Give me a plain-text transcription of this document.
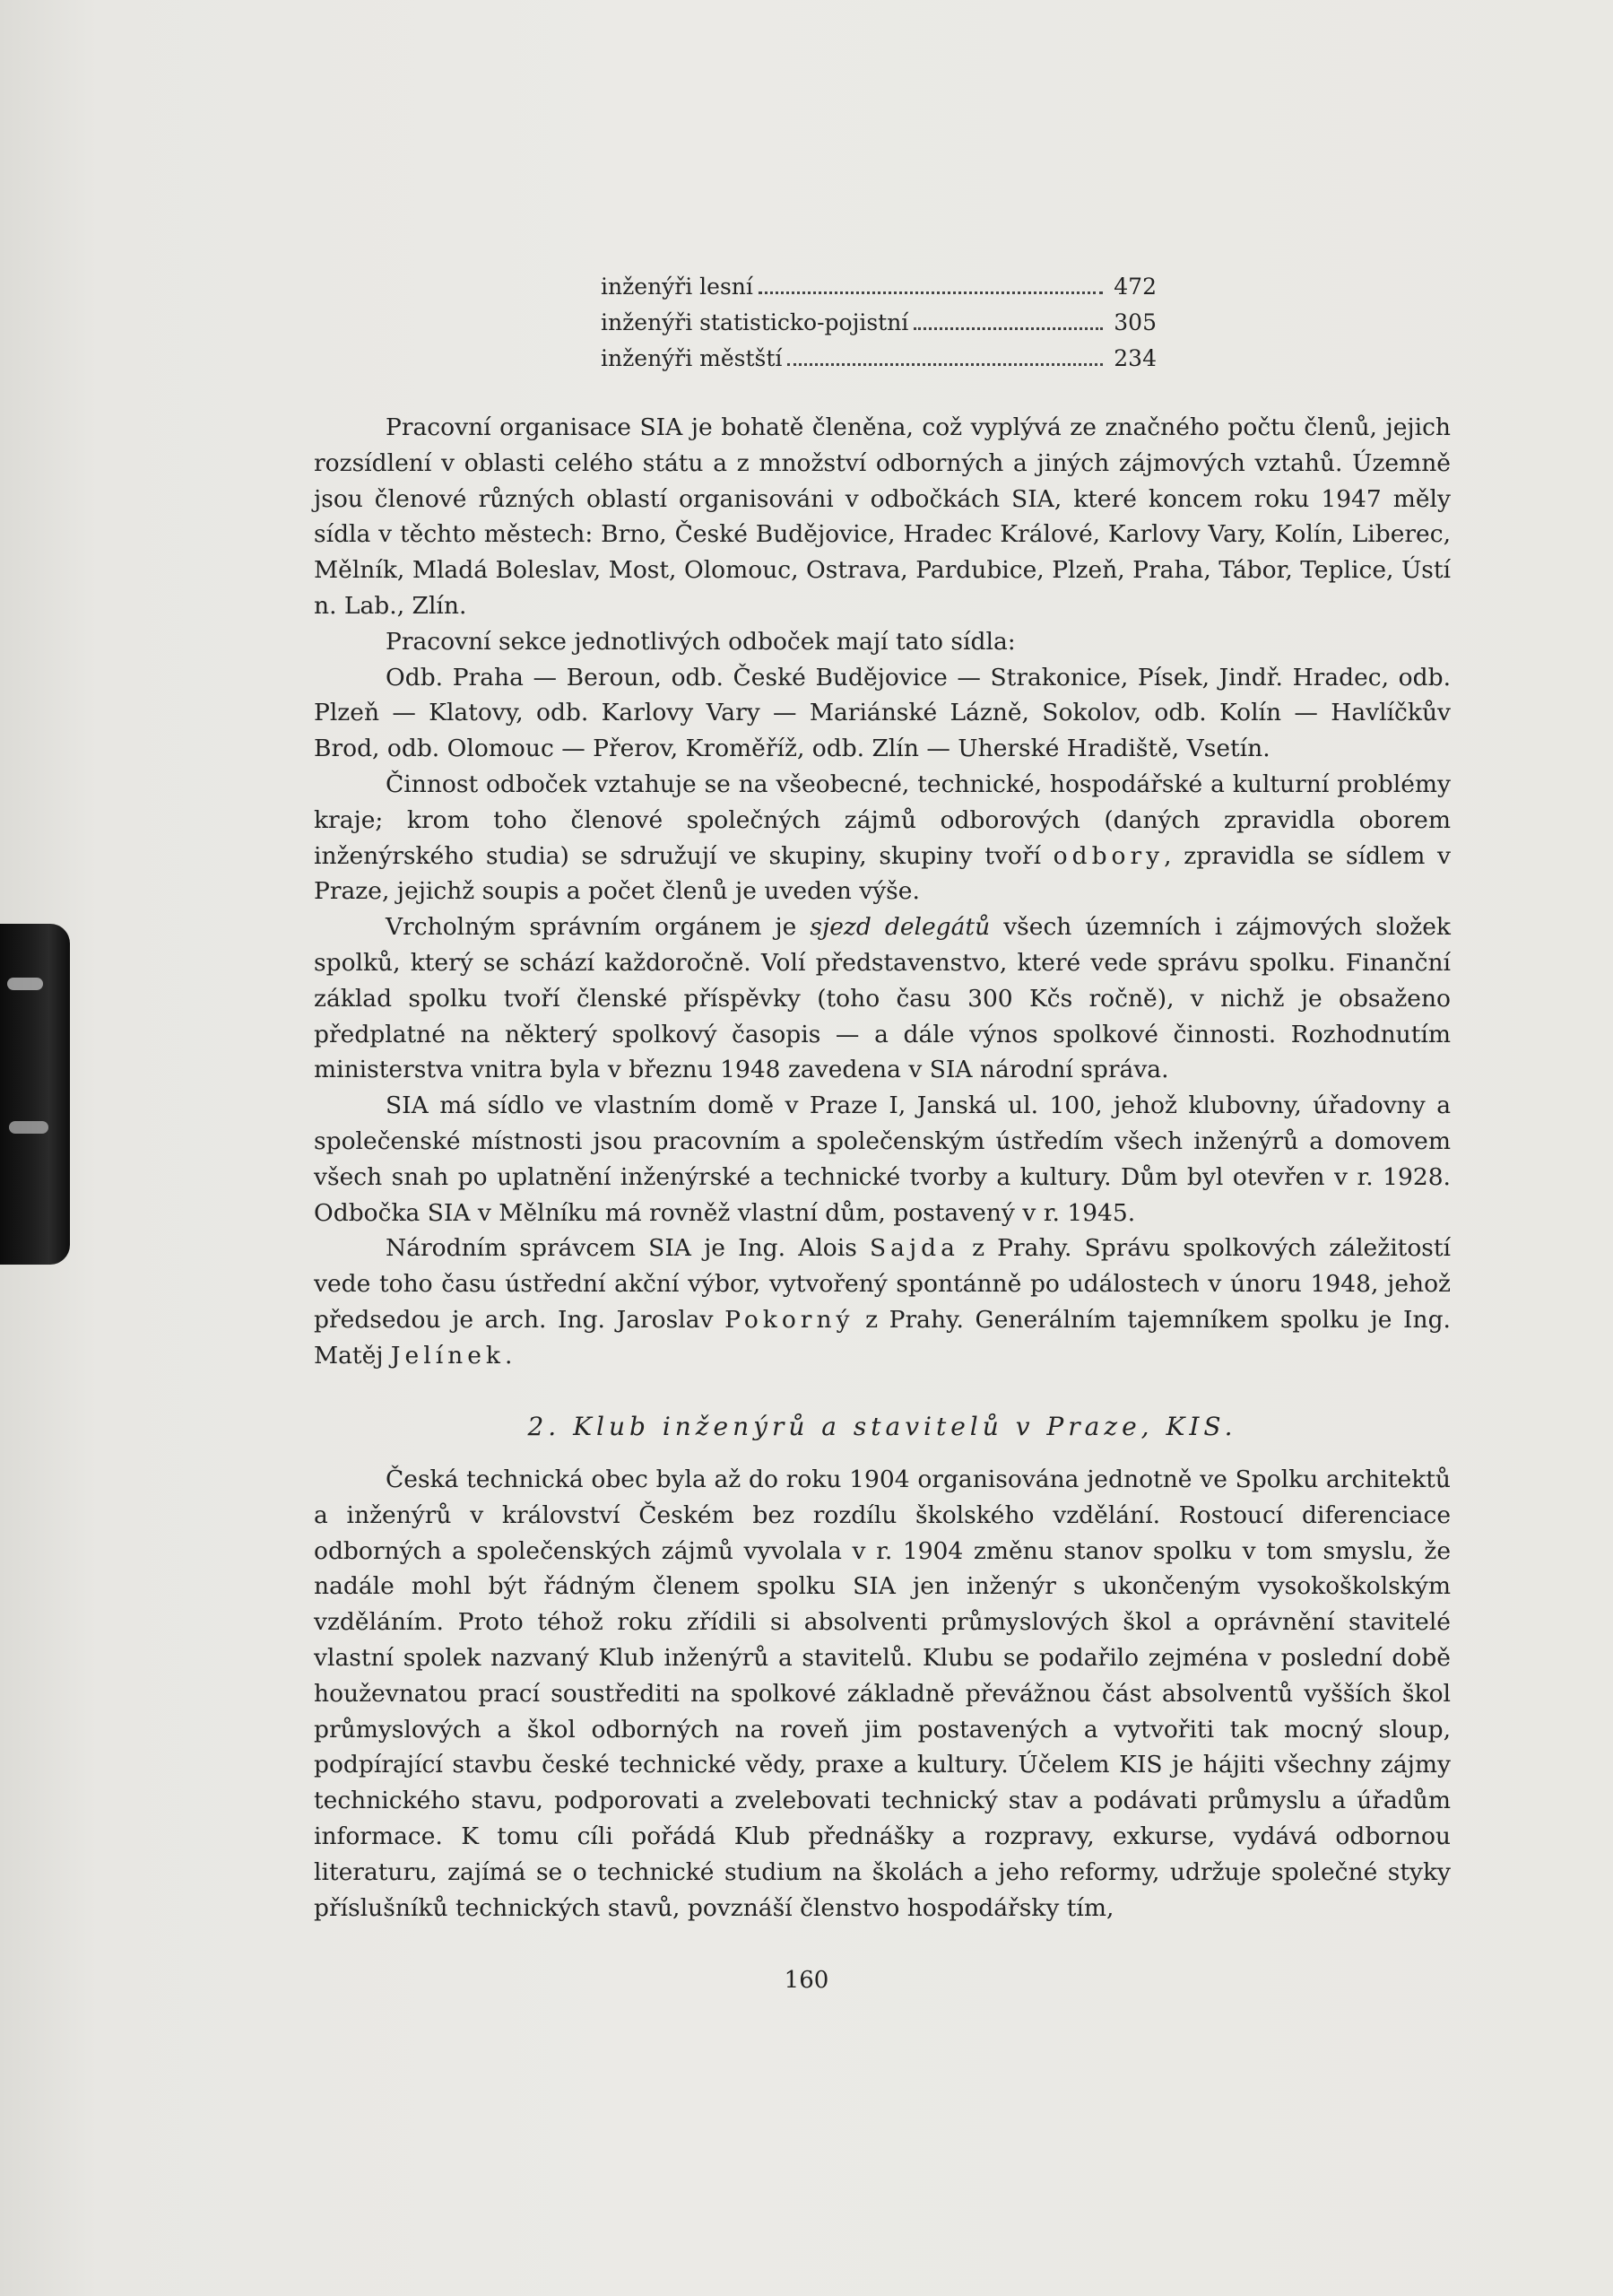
inženýři lesní	472
inženýři statisticko-pojistní	305
inženýři městští	234

Pracovní organisace SIA je bohatě členěna, což vyplývá ze značného počtu členů, jejich rozsídlení v oblasti celého státu a z množství odborných a jiných zájmových vztahů. Územně jsou členové různých oblastí organisováni v odbočkách SIA, které koncem roku 1947 měly sídla v těchto městech: Brno, České Budějovice, Hradec Králové, Karlovy Vary, Kolín, Liberec, Mělník, Mladá Boleslav, Most, Olomouc, Ostrava, Pardubice, Plzeň, Praha, Tábor, Teplice, Ústí n. Lab., Zlín.

Pracovní sekce jednotlivých odboček mají tato sídla:

Odb. Praha — Beroun, odb. České Budějovice — Strakonice, Písek, Jindř. Hradec, odb. Plzeň — Klatovy, odb. Karlovy Vary — Mariánské Lázně, Sokolov, odb. Kolín — Havlíčkův Brod, odb. Olomouc — Přerov, Kroměříž, odb. Zlín — Uherské Hradiště, Vsetín.

Činnost odboček vztahuje se na všeobecné, technické, hospodářské a kulturní problémy kraje; krom toho členové společných zájmů odborových (daných zpravidla oborem inženýrského studia) se sdružují ve skupiny, skupiny tvoří odbory, zpravidla se sídlem v Praze, jejichž soupis a počet členů je uveden výše.

Vrcholným správním orgánem je sjezd delegátů všech územních i zájmových složek spolků, který se schází každoročně. Volí představenstvo, které vede správu spolku. Finanční základ spolku tvoří členské příspěvky (toho času 300 Kčs ročně), v nichž je obsaženo předplatné na některý spolkový časopis — a dále výnos spolkové činnosti. Rozhodnutím ministerstva vnitra byla v březnu 1948 zavedena v SIA národní správa.

SIA má sídlo ve vlastním domě v Praze I, Janská ul. 100, jehož klubovny, úřadovny a společenské místnosti jsou pracovním a společenským ústředím všech inženýrů a domovem všech snah po uplatnění inženýrské a technické tvorby a kultury. Dům byl otevřen v r. 1928. Odbočka SIA v Mělníku má rovněž vlastní dům, postavený v r. 1945.

Národním správcem SIA je Ing. Alois Sajda z Prahy. Správu spolkových záležitostí vede toho času ústřední akční výbor, vytvořený spontánně po událostech v únoru 1948, jehož předsedou je arch. Ing. Jaroslav Pokorný z Prahy. Generálním tajemníkem spolku je Ing. Matěj Jelínek.

2. Klub inženýrů a stavitelů v Praze, KIS.

Česká technická obec byla až do roku 1904 organisována jednotně ve Spolku architektů a inženýrů v království Českém bez rozdílu školského vzdělání. Rostoucí diferenciace odborných a společenských zájmů vyvolala v r. 1904 změnu stanov spolku v tom smyslu, že nadále mohl být řádným členem spolku SIA jen inženýr s ukončeným vysokoškolským vzděláním. Proto téhož roku zřídili si absolventi průmyslových škol a oprávnění stavitelé vlastní spolek nazvaný Klub inženýrů a stavitelů. Klubu se podařilo zejména v poslední době houževnatou prací soustřediti na spolkové základně převážnou část absolventů vyšších škol průmyslových a škol odborných na roveň jim postavených a vytvořiti tak mocný sloup, podpírající stavbu české technické vědy, praxe a kultury. Účelem KIS je hájiti všechny zájmy technického stavu, podporovati a zvelebovati technický stav a podávati průmyslu a úřadům informace. K tomu cíli pořádá Klub přednášky a rozpravy, exkurse, vydává odbornou literaturu, zajímá se o technické studium na školách a jeho reformy, udržuje společné styky příslušníků technických stavů, povznáší členstvo hospodářsky tím,

160
